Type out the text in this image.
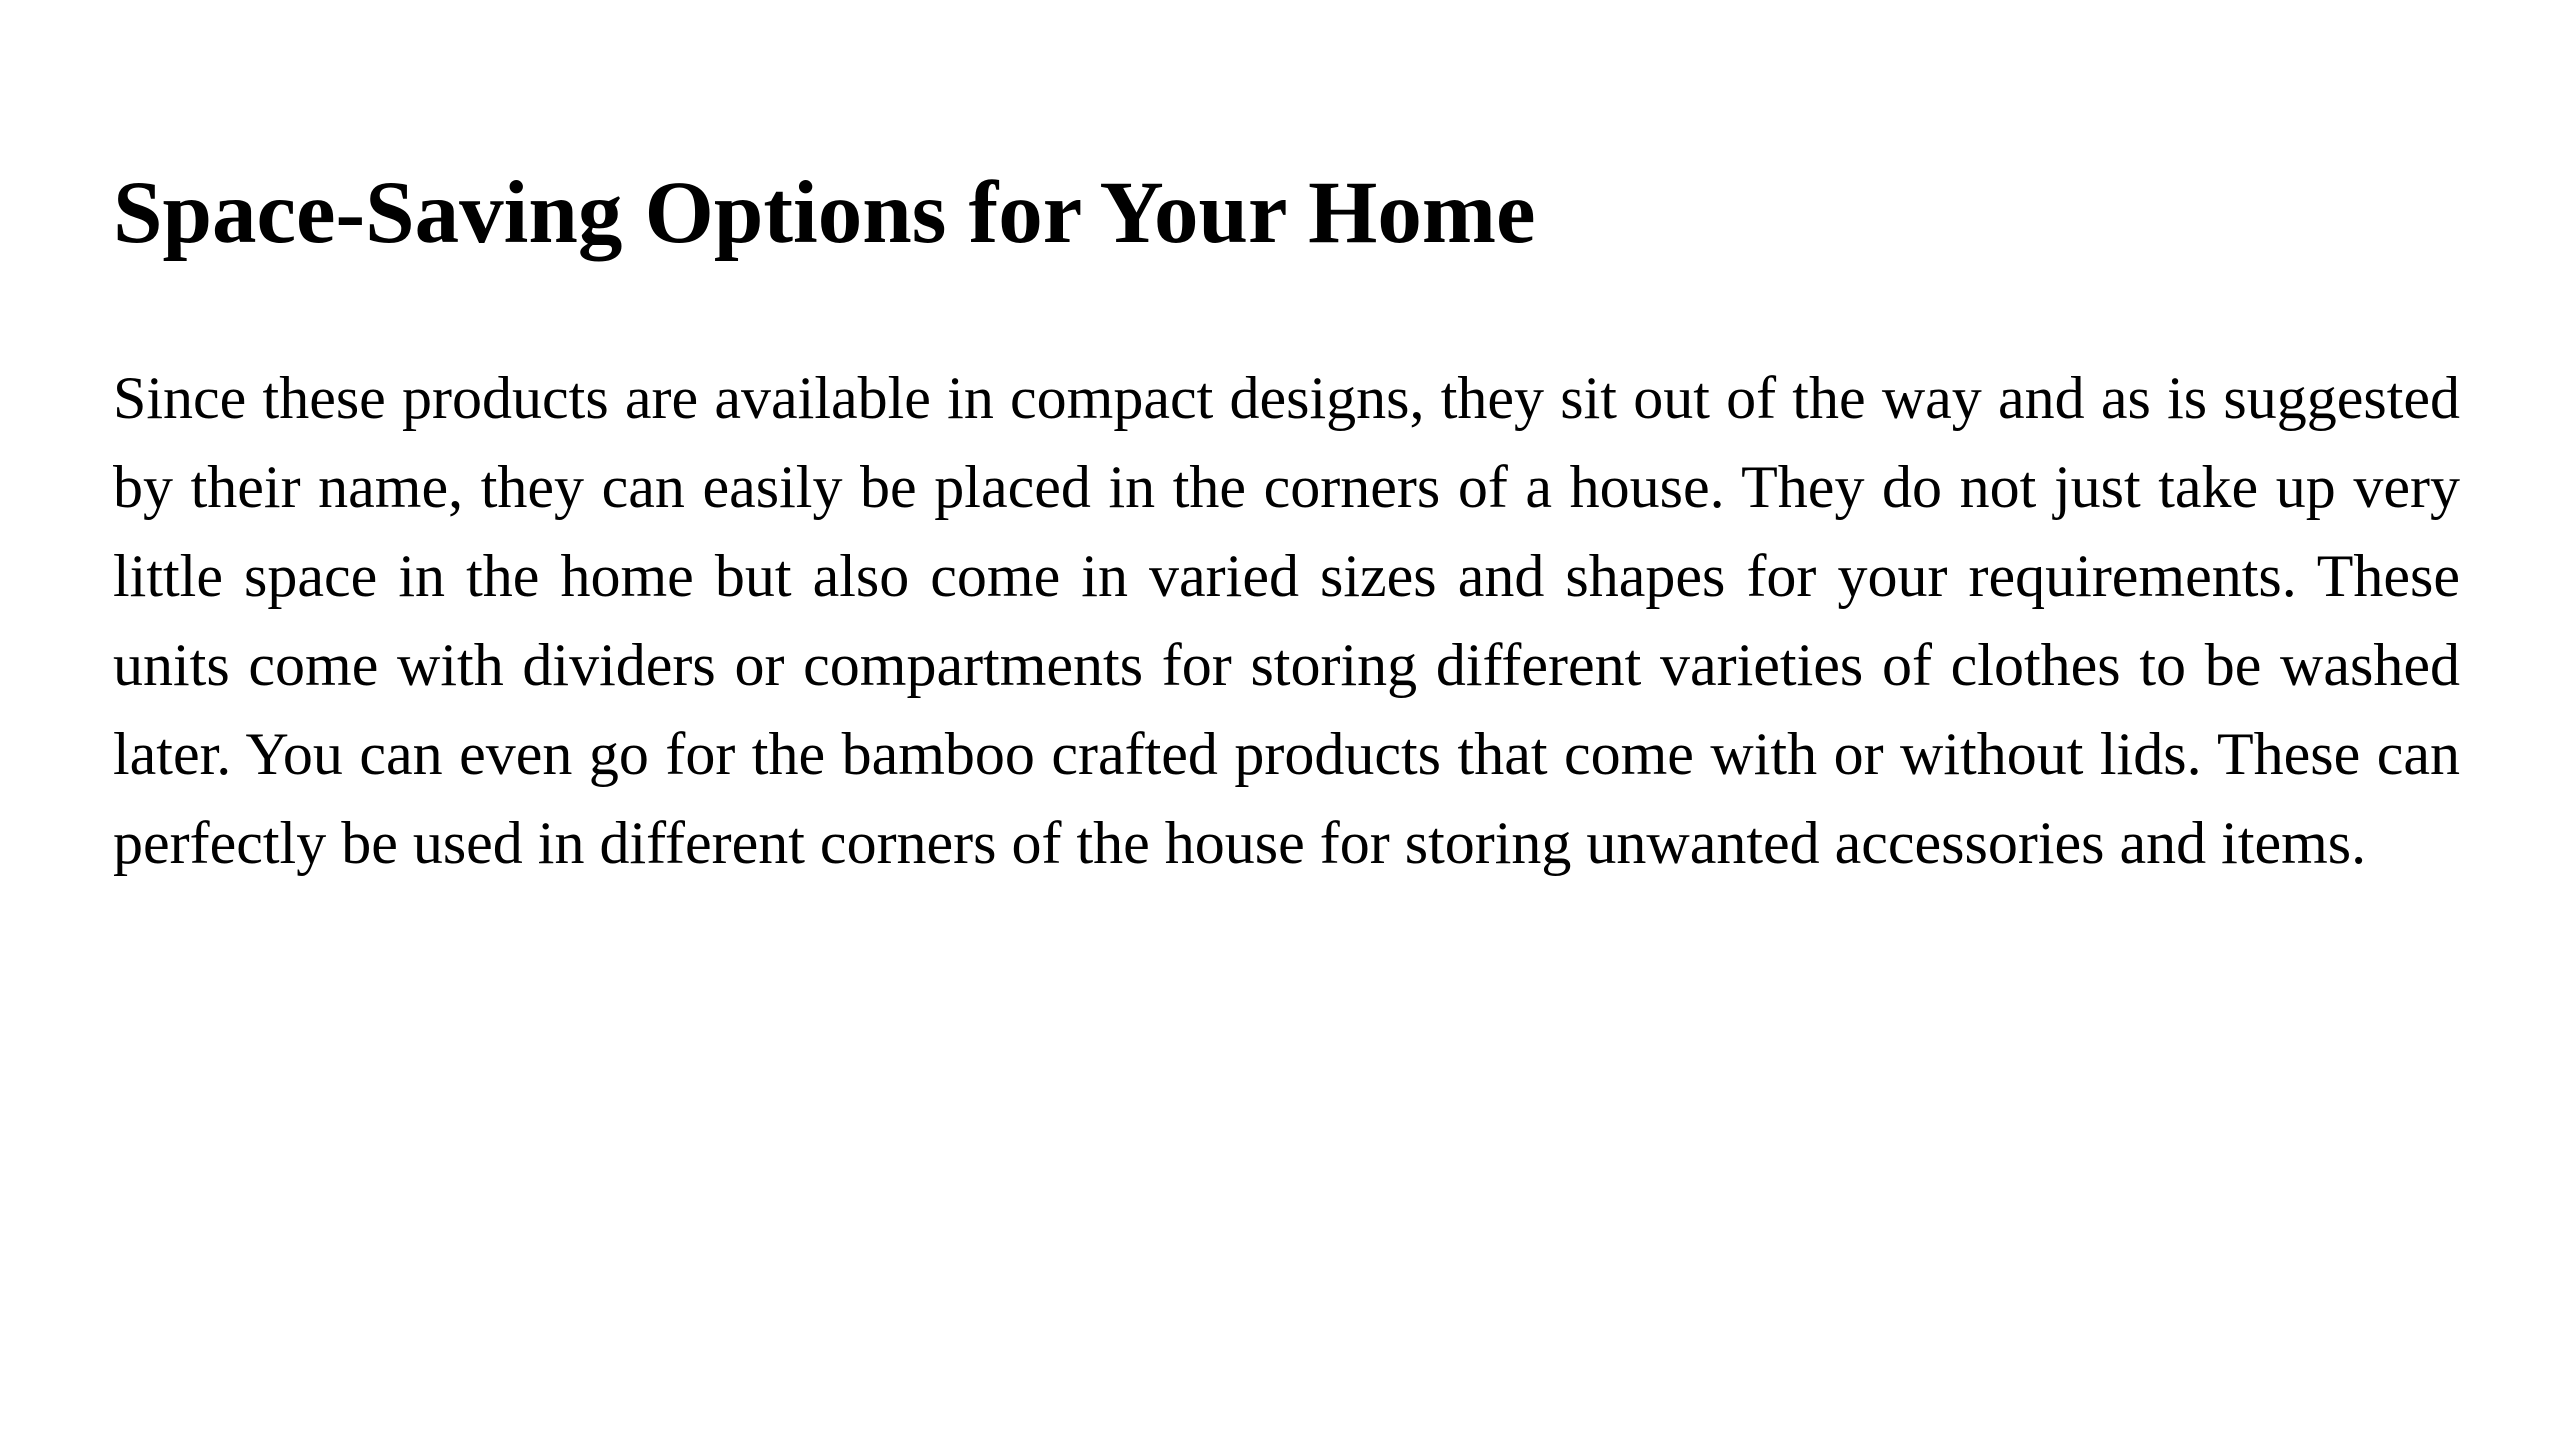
Space-Saving Options for Your Home

Since these products are available in compact designs, they sit out of the way and as is suggested by their name, they can easily be placed in the corners of a house. They do not just take up very little space in the home but also come in varied sizes and shapes for your requirements. These units come with dividers or compartments for storing different varieties of clothes to be washed later. You can even go for the bamboo crafted products that come with or without lids. These can perfectly be used in different corners of the house for storing unwanted accessories and items.
